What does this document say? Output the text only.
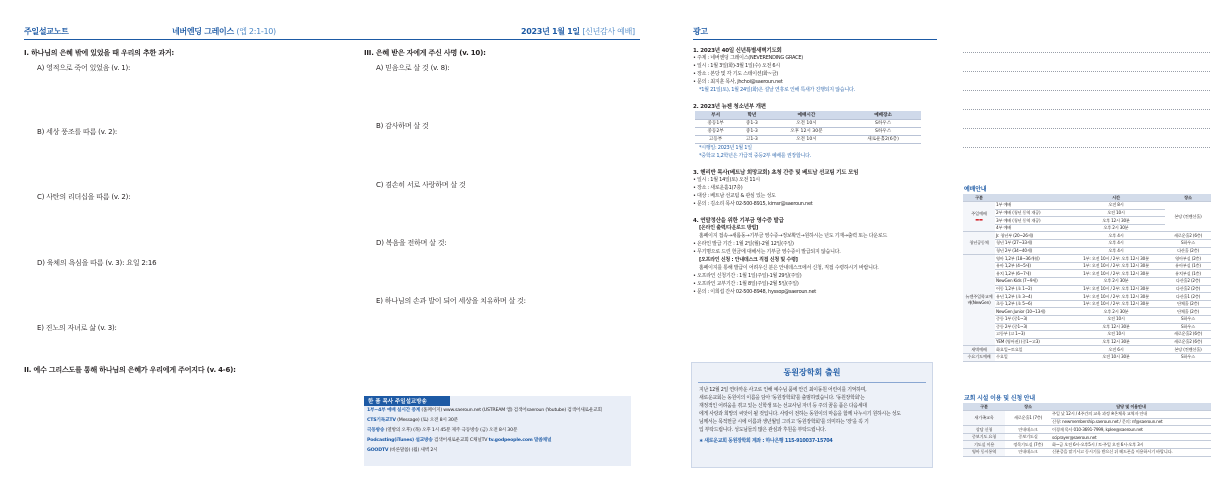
주일설교노트	네버엔딩 그레이스 (엡 2:1-10)	2023년 1월 1일 [신년감사 예배]	광고
I. 하나님의 은혜 밖에 있었을 때 우리의 추한 과거:
A) 영적으로 죽어 있었음 (v. 1):
B) 세상 풍조를 따름 (v. 2):
C) 사탄의 리더십을 따름 (v. 2):
D) 육체의 욕심을 따름 (v. 3): 요일 2:16
E) 진노의 자녀로 삶 (v. 3):
II. 예수 그리스도를 통해 하나님의 은혜가 우리에게 주어지다 (v. 4-6):
III. 은혜 받은 자에게 주신 사명 (v. 10):
A) 믿음으로 살 것 (v. 8):
B) 감사하며 살 것
C) 겸손히 서로 사랑하며 살 것
D) 복음을 전하며 살 것:
E) 하나님의 손과 발이 되어 세상을 치유하며 살 것:
한 품 목사 주일설교방송
1부~4부 예배 실시간 중계 (홈페이지) www.saeroun.net (USTREAM 앱) 검색어saeroun (Youtube) 검색어새로운교회
CTS기독교TV (Message) (토) 오전 8시 30분
극동방송 (열방의 오후) (목) 오후 1시 45분 제주 극동방송 (금) 오전 8시 30분
Podcasting(iTunes) 설교방송 검색어새로운교회 C채널TV tv.godpeople.com 말씀채널
GOODTV (바른말씀) (월) 새벽 2시
1. 2023년 40일 신년특별새벽기도회
• 주제 : 네버엔딩 그레이스(NEVERENDING GRACE)
• 일시 : 1월 3일(화)-3월 1일(수) 오전 6시
• 장소 : 본당 및 각 기도 스테이션(화~금)
• 문의 : 최지훈 목사, jhchoi@saeroun.net
*1월 21일(토), 1월 24일(화)은 설날 연휴로 인해 특새가 진행되지 않습니다.
2. 2023년 뉴젠 청소년부 개편
부서	학년	예배시간	예배장소
중등1부	중1-3	오전 10시	S하우스
중등2부	중1-3	오후 12시 30분	S하우스
고등부	고1-3	오전 10시	새로운홀2(6층)
*시행일: 2023년 1월 1일
*중학교 1,2학년은 가급적 중등2부 예배를 권장합니다.
3. 헨리반 목사(베트남 희망교회) 초청 간증 및 베트남 선교팀 기도 모임
• 일시 : 1월 14일(토) 오전 11시
• 장소 : 새로운홀1(7층)
• 대상 : 베트남 선교팀 & 관심 있는 성도
• 문의 : 김소리 목사 02-500-8915, kimsr@saeroun.net
4. 연말정산을 위한 기부금 영수증 발급
[온라인 출력/다운로드 방법]
홈페이지 접속→새롭동→기부금 영수증→정보확인→원하시는 년도 기재→출력 또는 다운로드
• 온라인 발급 기간 : 1월 2일(월)-2월 12일(주일)
• 무기명으로 드린 헌금에 대해서는 기부금 영수증이 발급되지 않습니다.
[오프라인 신청 : 안내데스크 직접 신청 및 수령]
홈페이지를 통해 발급이 어려우신 분은 안내데스크에서 신청, 직접 수령하시기 바랍니다.
• 오프라인 신청기간 : 1월 1일(주일)-1월 29일(주일)
• 오프라인 교부기간 : 1월 8일(주일)-2월 5일(주일)
• 문의 : 이희섭 간사 02-500-8948, hyssop@saeroun.net
동원장학회 출원

지난 12월 2일 연타까운 사고로 인해 예수님 품에 안긴 최이동원 어린이를 기억하며,

새로운교회는 동원이의 이름을 담아 '동원장학회'를 출범하였습니다. '동원장학회'는

재정적인 어려움을 겪고 있는 신학생 또는 선교사님 자녀 등 주의 꿈을 품은 다음세대

에게 사랑과 희망의 씨앗이 될 것입니다. 사랑이 전하는 동원이의 마음을 함께 나누시기 원하시는 성도

님께서는 목적헌금 시에 이름과 생년월일 그리고 '동원장학회'를 의미하는 '장'을 꼭 기

입 부탁드립니다. 성도님들의 많은 관심과 후원을 부탁드립니다.

∗ 새로운교회 동원장학회 계좌 : 하나은행 115-910037-15704

예배안내
구분		시간	장소
주일예배
▬▬	1부 예배	오전 8시	본당 (컨벤션홀)
	2부 예배 (청년 동역 재공)	오전 10시	
	3부 예배 (청년 동역 재공)	오후 12시 30분	
	4부 예배	오후 2시 30분	
청년공동체	Jr. 청년부 (20~26세)	오후 4시	새로운홀2 (6층)
	청년 1부 (27~33세)	오후 4시	S하우스
	청년 2부 (34~40세)	오후 4시	다산홀 (2층)
뉴젠주일학교예배(NewGen)	영아 1,2부 (18~36개월)	1부: 오전 10시 / 2부: 오후 12시 30분	영아부실 (2층)
	유아 1,2부 (4~5세)	1부: 오전 10시 / 2부: 오후 12시 30분	유아부실 (1층)
	유치 1,2부 (6~7세)	1부: 오전 10시 / 2부: 오후 12시 30분	유치부실 (1층)
	NewGen Kids (7~9세)	오후 2시 30분	다산홀2 (2층)
	어동 1,2부 (초 1~2)	1부: 오전 10시 / 2부: 오후 12시 30분	다산홀2 (2층)
	유년 1,2부 (초 3~4)	1부: 오전 10시 / 2부: 오후 12시 30분	다산홀1 (2층)
	초등 1,2부 (초 5~6)	1부: 오전 10시 / 2부: 오후 12시 30분	단체홀 (2층)
	NewGen Junior (10~13세)	오후 2시 30분	단체홀 (2층)
	중등 1부 (중1~3)	오전 10시	S하우스
	중등 2부 (중1~3)	오후 12시 30분	S하우스
	고등부 (고 1~3)	오전 10시	새로운홀2 (6층)
	YEM (영어권) (중1~고3)	오후 12시 30분	새로운홀2 (6층)
새벽예배	화요일~토요일	오전 6시	본당 (컨벤션홀)
수요기도예배	수요일	오전 10시 30분	S하우스
교회 시설 이용 및 신청 안내
구분	장소	담당 및 이용안내
새가족교육	새로운홀1 (7층)	주일 낮 12시 / 4주간의 교육 과정 ※온체육 교역자 안내
		신청: newmembership.saeroun.net / 문의: nf@saeroun.net
상담 신청	안내데스크	이경재 목사 010-3691-7999, kplee@saeroun.net
중보기도 요청	중보기도실	sciprayer@saeroun.net
기도실 이용	정목기도실 (7층)	화~금 오전 6시-오후5시 / 토·주일 오전 6시-오후 3시
영아 동시통역	안내데스크	신분증을 맡기시고 동시기를 받으신 뒤 헤드폰을 이용하시기 바랍니다.
